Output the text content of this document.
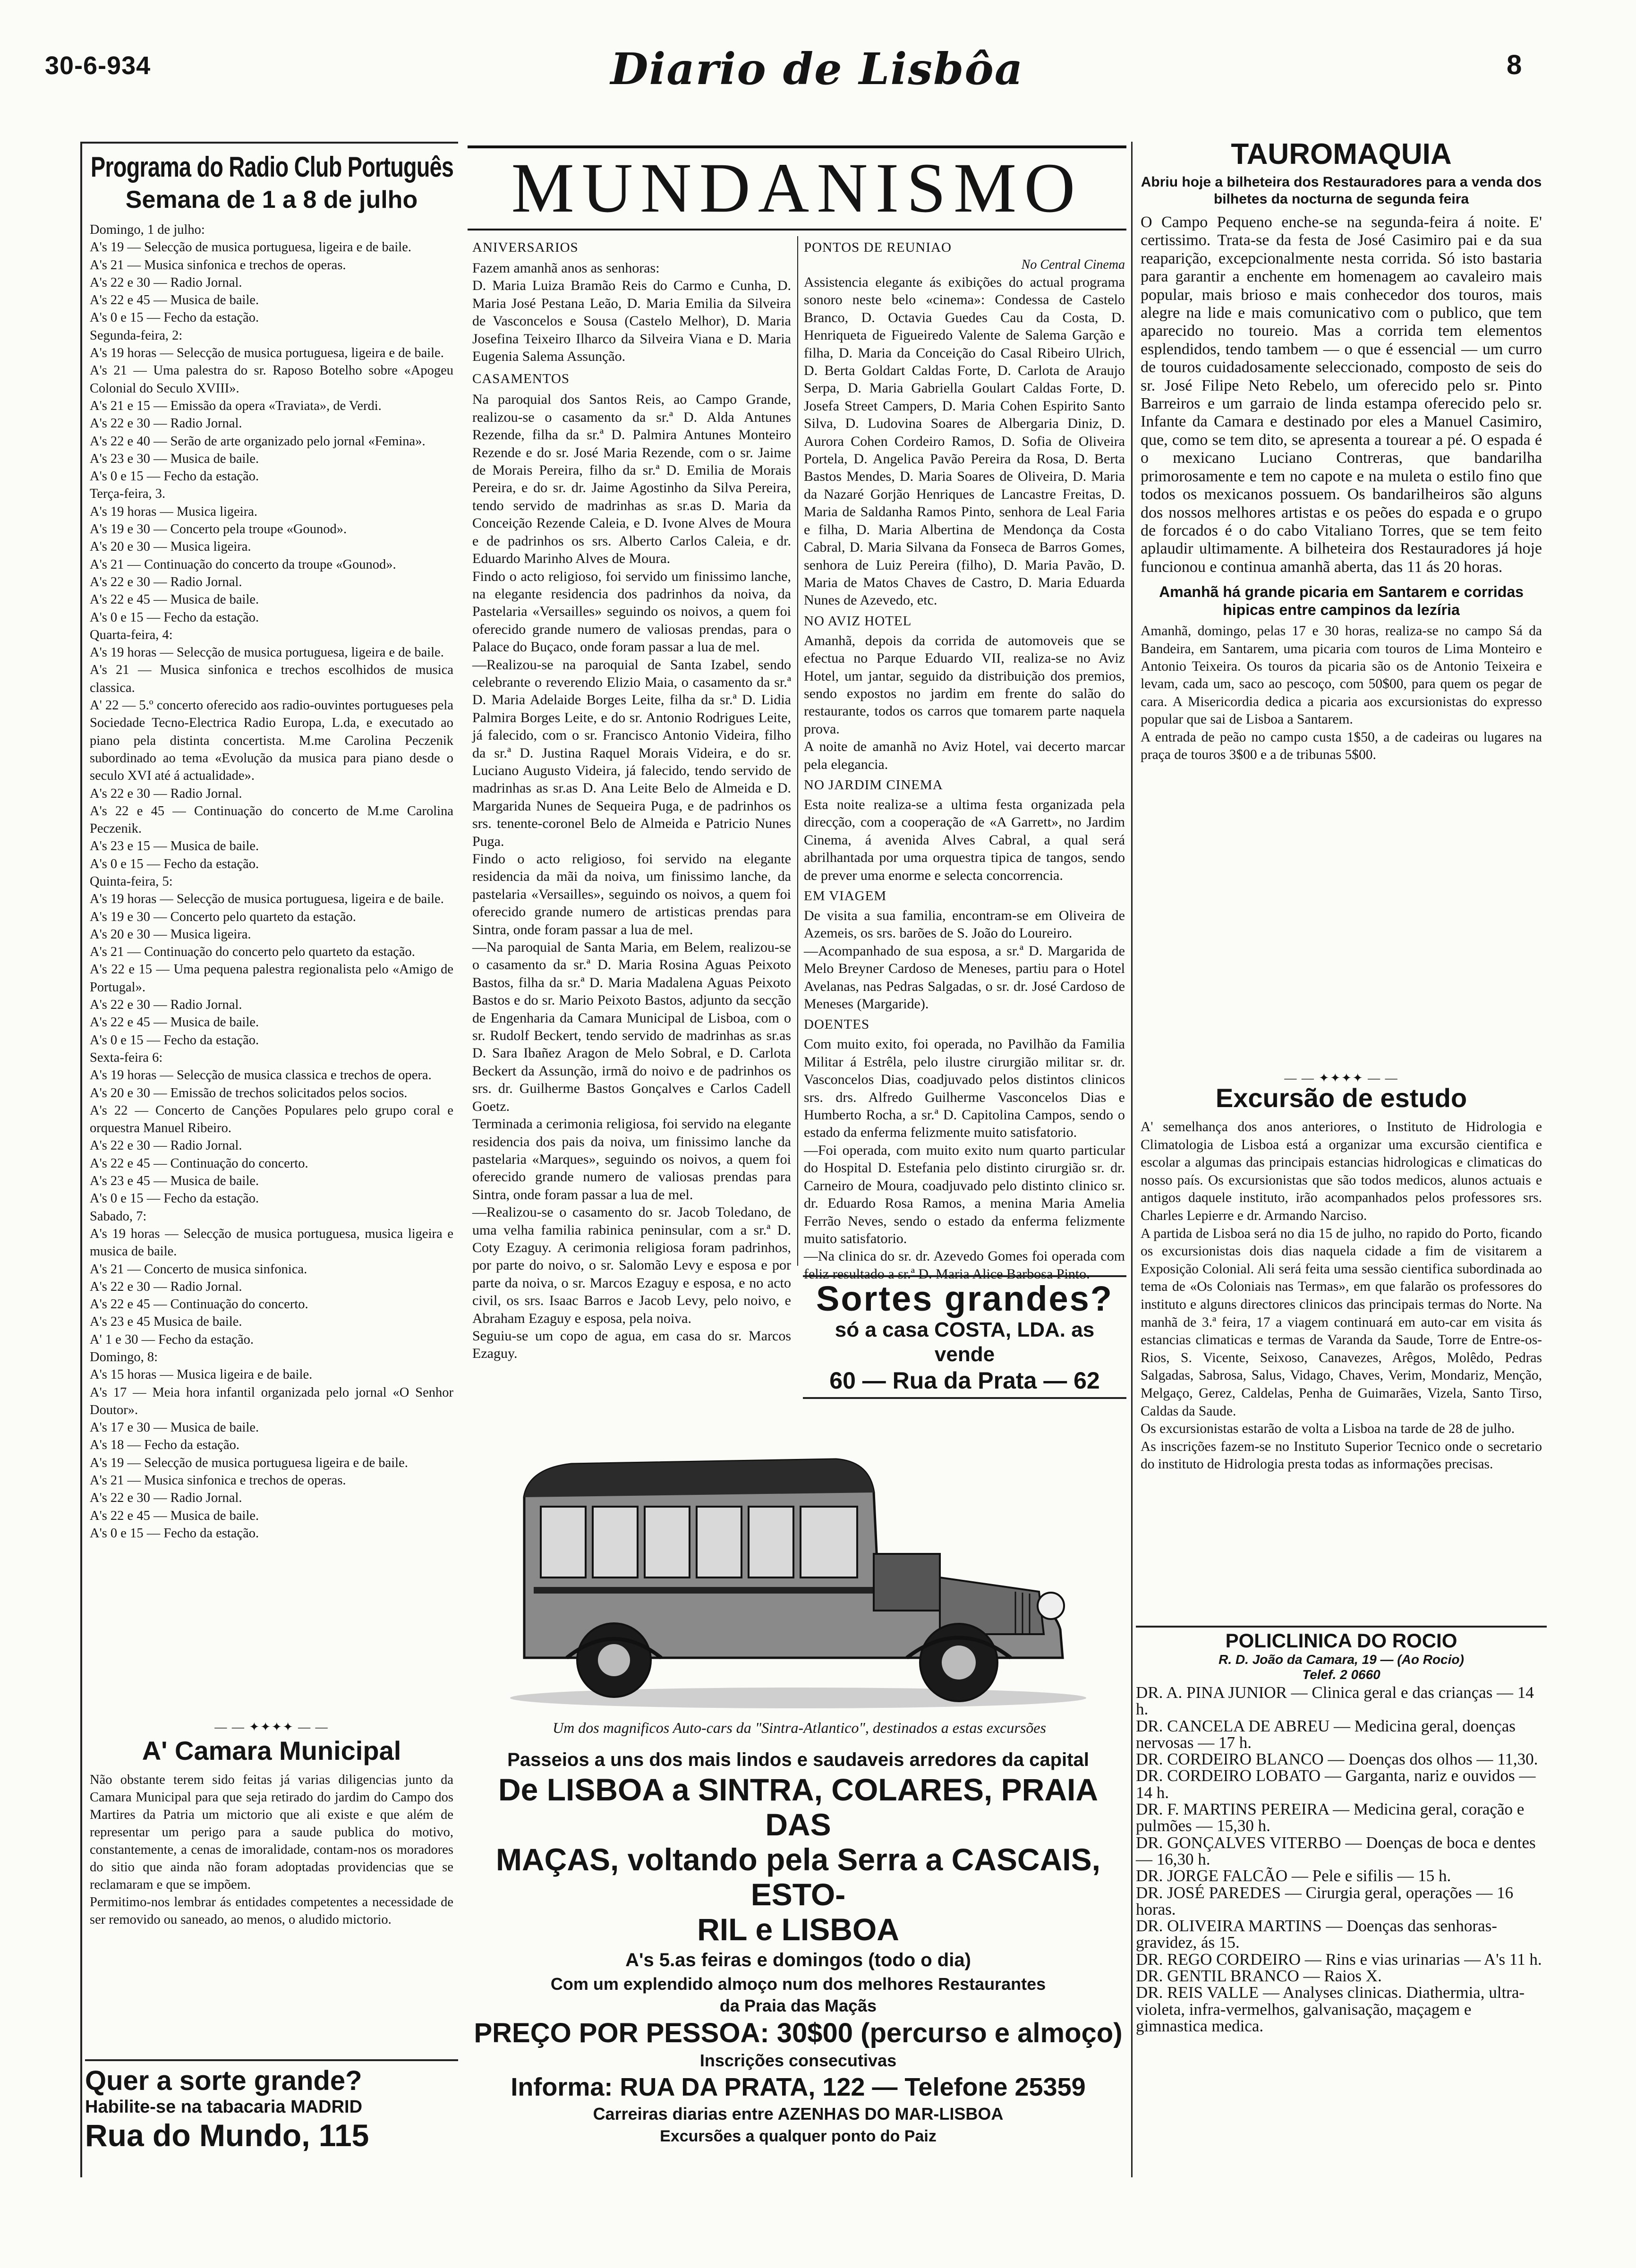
30-6-934	Diario de Lisbôa	8
Programa do Radio Club Português
Semana de 1 a 8 de julho
Domingo, 1 de julho:
A's 19 — Selecção de musica portuguesa, ligeira e de baile.
A's 21 — Musica sinfonica e trechos de operas.
A's 22 e 30 — Radio Jornal.
A's 22 e 45 — Musica de baile.
A's 0 e 15 — Fecho da estação.
Segunda-feira, 2:
A's 19 horas — Selecção de musica portuguesa, ligeira e de baile.
A's 21 — Uma palestra do sr. Raposo Botelho sobre «Apogeu Colonial do Seculo XVIII».
A's 21 e 15 — Emissão da opera «Traviata», de Verdi.
A's 22 e 30 — Radio Jornal.
A's 22 e 40 — Serão de arte organizado pelo jornal «Femina».
A's 23 e 30 — Musica de baile.
A's 0 e 15 — Fecho da estação.
Terça-feira, 3.
A's 19 horas — Musica ligeira.
A's 19 e 30 — Concerto pela troupe «Gounod».
A's 20 e 30 — Musica ligeira.
A's 21 — Continuação do concerto da troupe «Gounod».
A's 22 e 30 — Radio Jornal.
A's 22 e 45 — Musica de baile.
A's 0 e 15 — Fecho da estação.
Quarta-feira, 4:
A's 19 horas — Selecção de musica portuguesa, ligeira e de baile.
A's 21 — Musica sinfonica e trechos escolhidos de musica classica.
A' 22 — 5.º concerto oferecido aos radio-ouvintes portugueses pela Sociedade Tecno-Electrica Radio Europa, L.da, e executado ao piano pela distinta concertista. M.me Carolina Peczenik subordinado ao tema «Evolução da musica para piano desde o seculo XVI até á actualidade».
A's 22 e 30 — Radio Jornal.
A's 22 e 45 — Continuação do concerto de M.me Carolina Peczenik.
A's 23 e 15 — Musica de baile.
A's 0 e 15 — Fecho da estação.
Quinta-feira, 5:
A's 19 horas — Selecção de musica portuguesa, ligeira e de baile.
A's 19 e 30 — Concerto pelo quarteto da estação.
A's 20 e 30 — Musica ligeira.
A's 21 — Continuação do concerto pelo quarteto da estação.
A's 22 e 15 — Uma pequena palestra regionalista pelo «Amigo de Portugal».
A's 22 e 30 — Radio Jornal.
A's 22 e 45 — Musica de baile.
A's 0 e 15 — Fecho da estação.
Sexta-feira 6:
A's 19 horas — Selecção de musica classica e trechos de opera.
A's 20 e 30 — Emissão de trechos solicitados pelos socios.
A's 22 — Concerto de Canções Populares pelo grupo coral e orquestra Manuel Ribeiro.
A's 22 e 30 — Radio Jornal.
A's 22 e 45 — Continuação do concerto.
A's 23 e 45 — Musica de baile.
A's 0 e 15 — Fecho da estação.
Sabado, 7:
A's 19 horas — Selecção de musica portuguesa, musica ligeira e musica de baile.
A's 21 — Concerto de musica sinfonica.
A's 22 e 30 — Radio Jornal.
A's 22 e 45 — Continuação do concerto.
A's 23 e 45 Musica de baile.
A' 1 e 30 — Fecho da estação.
Domingo, 8:
A's 15 horas — Musica ligeira e de baile.
A's 17 — Meia hora infantil organizada pelo jornal «O Senhor Doutor».
A's 17 e 30 — Musica de baile.
A's 18 — Fecho da estação.
A's 19 — Selecção de musica portuguesa ligeira e de baile.
A's 21 — Musica sinfonica e trechos de operas.
A's 22 e 30 — Radio Jornal.
A's 22 e 45 — Musica de baile.
A's 0 e 15 — Fecho da estação.
— — ✦✦✦✦ — —
A' Camara Municipal
Não obstante terem sido feitas já varias diligencias junto da Camara Municipal para que seja retirado do jardim do Campo dos Martires da Patria um mictorio que ali existe e que além de representar um perigo para a saude publica do motivo, constantemente, a cenas de imoralidade, contam-nos os moradores do sitio que ainda não foram adoptadas providencias que se reclamaram e que se impõem.
Permitimo-nos lembrar ás entidades competentes a necessidade de ser removido ou saneado, ao menos, o aludido mictorio.
Quer a sorte grande?
Habilite-se na tabacaria MADRID
Rua do Mundo, 115
MUNDANISMO
ANIVERSARIOS
Fazem amanhã anos as senhoras:
D. Maria Luiza Bramão Reis do Carmo e Cunha, D. Maria José Pestana Leão, D. Maria Emilia da Silveira de Vasconcelos e Sousa (Castelo Melhor), D. Maria Josefina Teixeiro Ilharco da Silveira Viana e D. Maria Eugenia Salema Assunção.
CASAMENTOS
Na paroquial dos Santos Reis, ao Campo Grande, realizou-se o casamento da sr.ª D. Alda Antunes Rezende, filha da sr.ª D. Palmira Antunes Monteiro Rezende e do sr. José Maria Rezende, com o sr. Jaime de Morais Pereira, filho da sr.ª D. Emilia de Morais Pereira, e do sr. dr. Jaime Agostinho da Silva Pereira, tendo servido de madrinhas as sr.as D. Maria da Conceição Rezende Caleia, e D. Ivone Alves de Moura e de padrinhos os srs. Alberto Carlos Caleia, e dr. Eduardo Marinho Alves de Moura.
Findo o acto religioso, foi servido um finissimo lanche, na elegante residencia dos padrinhos da noiva, da Pastelaria «Versailles» seguindo os noivos, a quem foi oferecido grande numero de valiosas prendas, para o Palace do Buçaco, onde foram passar a lua de mel.
—Realizou-se na paroquial de Santa Izabel, sendo celebrante o reverendo Elizio Maia, o casamento da sr.ª D. Maria Adelaide Borges Leite, filha da sr.ª D. Lidia Palmira Borges Leite, e do sr. Antonio Rodrigues Leite, já falecido, com o sr. Francisco Antonio Videira, filho da sr.ª D. Justina Raquel Morais Videira, e do sr. Luciano Augusto Videira, já falecido, tendo servido de madrinhas as sr.as D. Ana Leite Belo de Almeida e D. Margarida Nunes de Sequeira Puga, e de padrinhos os srs. tenente-coronel Belo de Almeida e Patricio Nunes Puga.
Findo o acto religioso, foi servido na elegante residencia da mãi da noiva, um finissimo lanche, da pastelaria «Versailles», seguindo os noivos, a quem foi oferecido grande numero de artisticas prendas para Sintra, onde foram passar a lua de mel.
—Na paroquial de Santa Maria, em Belem, realizou-se o casamento da sr.ª D. Maria Rosina Aguas Peixoto Bastos, filha da sr.ª D. Maria Madalena Aguas Peixoto Bastos e do sr. Mario Peixoto Bastos, adjunto da secção de Engenharia da Camara Municipal de Lisboa, com o sr. Rudolf Beckert, tendo servido de madrinhas as sr.as D. Sara Ibañez Aragon de Melo Sobral, e D. Carlota Beckert da Assunção, irmã do noivo e de padrinhos os srs. dr. Guilherme Bastos Gonçalves e Carlos Cadell Goetz.
Terminada a cerimonia religiosa, foi servido na elegante residencia dos pais da noiva, um finissimo lanche da pastelaria «Marques», seguindo os noivos, a quem foi oferecido grande numero de valiosas prendas para Sintra, onde foram passar a lua de mel.
—Realizou-se o casamento do sr. Jacob Toledano, de uma velha familia rabinica peninsular, com a sr.ª D. Coty Ezaguy. A cerimonia religiosa foram padrinhos, por parte do noivo, o sr. Salomão Levy e esposa e por parte da noiva, o sr. Marcos Ezaguy e esposa, e no acto civil, os srs. Isaac Barros e Jacob Levy, pelo noivo, e Abraham Ezaguy e esposa, pela noiva.
Seguiu-se um copo de agua, em casa do sr. Marcos Ezaguy.
PONTOS DE REUNIAO
No Central Cinema
Assistencia elegante ás exibições do actual programa sonoro neste belo «cinema»: Condessa de Castelo Branco, D. Octavia Guedes Cau da Costa, D. Henriqueta de Figueiredo Valente de Salema Garção e filha, D. Maria da Conceição do Casal Ribeiro Ulrich, D. Berta Goldart Caldas Forte, D. Carlota de Araujo Serpa, D. Maria Gabriella Goulart Caldas Forte, D. Josefa Street Campers, D. Maria Cohen Espirito Santo Silva, D. Ludovina Soares de Albergaria Diniz, D. Aurora Cohen Cordeiro Ramos, D. Sofia de Oliveira Portela, D. Angelica Pavão Pereira da Rosa, D. Berta Bastos Mendes, D. Maria Soares de Oliveira, D. Maria da Nazaré Gorjão Henriques de Lancastre Freitas, D. Maria de Saldanha Ramos Pinto, senhora de Leal Faria e filha, D. Maria Albertina de Mendonça da Costa Cabral, D. Maria Silvana da Fonseca de Barros Gomes, senhora de Luiz Pereira (filho), D. Maria Pavão, D. Maria de Matos Chaves de Castro, D. Maria Eduarda Nunes de Azevedo, etc.
NO AVIZ HOTEL
Amanhã, depois da corrida de automoveis que se efectua no Parque Eduardo VII, realiza-se no Aviz Hotel, um jantar, seguido da distribuição dos premios, sendo expostos no jardim em frente do salão do restaurante, todos os carros que tomarem parte naquela prova.
A noite de amanhã no Aviz Hotel, vai decerto marcar pela elegancia.
NO JARDIM CINEMA
Esta noite realiza-se a ultima festa organizada pela direcção, com a cooperação de «A Garrett», no Jardim Cinema, á avenida Alves Cabral, a qual será abrilhantada por uma orquestra tipica de tangos, sendo de prever uma enorme e selecta concorrencia.
EM VIAGEM
De visita a sua familia, encontram-se em Oliveira de Azemeis, os srs. barões de S. João do Loureiro.
—Acompanhado de sua esposa, a sr.ª D. Margarida de Melo Breyner Cardoso de Meneses, partiu para o Hotel Avelanas, nas Pedras Salgadas, o sr. dr. José Cardoso de Meneses (Margaride).
DOENTES
Com muito exito, foi operada, no Pavilhão da Familia Militar á Estrêla, pelo ilustre cirurgião militar sr. dr. Vasconcelos Dias, coadjuvado pelos distintos clinicos srs. drs. Alfredo Guilherme Vasconcelos Dias e Humberto Rocha, a sr.ª D. Capitolina Campos, sendo o estado da enferma felizmente muito satisfatorio.
—Foi operada, com muito exito num quarto particular do Hospital D. Estefania pelo distinto cirurgião sr. dr. Carneiro de Moura, coadjuvado pelo distinto clinico sr. dr. Eduardo Rosa Ramos, a menina Maria Amelia Ferrão Neves, sendo o estado da enferma felizmente muito satisfatorio.
—Na clinica do sr. dr. Azevedo Gomes foi operada com feliz resultado a sr.ª D. Maria Alice Barbosa Pinto.
Sortes grandes?
só a casa COSTA, LDA. as vende
60 — Rua da Prata — 62
Um dos magnificos Auto-cars da "Sintra-Atlantico", destinados a estas excursões
Passeios a uns dos mais lindos e saudaveis arredores da capital
De LISBOA a SINTRA, COLARES, PRAIA DAS
MAÇAS, voltando pela Serra a CASCAIS, ESTO-
RIL e LISBOA
A's 5.as feiras e domingos (todo o dia)
Com um explendido almoço num dos melhores Restaurantes
da Praia das Maçãs
PREÇO POR PESSOA: 30$00 (percurso e almoço)
Inscrições consecutivas
Informa: RUA DA PRATA, 122 — Telefone 25359
Carreiras diarias entre AZENHAS DO MAR-LISBOA
Excursões a qualquer ponto do Paiz
TAUROMAQUIA
Abriu hoje a bilheteira dos Restauradores para a venda dos bilhetes da nocturna de segunda feira
O Campo Pequeno enche-se na segunda-feira á noite. E' certissimo. Trata-se da festa de José Casimiro pai e da sua reaparição, excepcionalmente nesta corrida. Só isto bastaria para garantir a enchente em homenagem ao cavaleiro mais popular, mais brioso e mais conhecedor dos touros, mais alegre na lide e mais comunicativo com o publico, que tem aparecido no toureio. Mas a corrida tem elementos esplendidos, tendo tambem — o que é essencial — um curro de touros cuidadosamente seleccionado, composto de seis do sr. José Filipe Neto Rebelo, um oferecido pelo sr. Pinto Barreiros e um garraio de linda estampa oferecido pelo sr. Infante da Camara e destinado por eles a Manuel Casimiro, que, como se tem dito, se apresenta a tourear a pé. O espada é o mexicano Luciano Contreras, que bandarilha primorosamente e tem no capote e na muleta o estilo fino que todos os mexicanos possuem. Os bandarilheiros são alguns dos nossos melhores artistas e os peões do espada e o grupo de forcados é o do cabo Vitaliano Torres, que se tem feito aplaudir ultimamente. A bilheteira dos Restauradores já hoje funcionou e continua amanhã aberta, das 11 ás 20 horas.
Amanhã há grande picaria em Santarem e corridas hipicas entre campinos da lezíria
Amanhã, domingo, pelas 17 e 30 horas, realiza-se no campo Sá da Bandeira, em Santarem, uma picaria com touros de Lima Monteiro e Antonio Teixeira. Os touros da picaria são os de Antonio Teixeira e levam, cada um, saco ao pescoço, com 50$00, para quem os pegar de cara. A Misericordia dedica a picaria aos excursionistas do expresso popular que sai de Lisboa a Santarem.
A entrada de peão no campo custa 1$50, a de cadeiras ou lugares na praça de touros 3$00 e a de tribunas 5$00.
— — ✦✦✦✦ — —
Excursão de estudo
A' semelhança dos anos anteriores, o Instituto de Hidrologia e Climatologia de Lisboa está a organizar uma excursão cientifica e escolar a algumas das principais estancias hidrologicas e climaticas do nosso país. Os excursionistas que são todos medicos, alunos actuais e antigos daquele instituto, irão acompanhados pelos professores srs. Charles Lepierre e dr. Armando Narciso.
A partida de Lisboa será no dia 15 de julho, no rapido do Porto, ficando os excursionistas dois dias naquela cidade a fim de visitarem a Exposição Colonial. Ali será feita uma sessão cientifica subordinada ao tema de «Os Coloniais nas Termas», em que falarão os professores do instituto e alguns directores clinicos das principais termas do Norte. Na manhã de 3.ª feira, 17 a viagem continuará em auto-car em visita ás estancias climaticas e termas de Varanda da Saude, Torre de Entre-os-Rios, S. Vicente, Seixoso, Canavezes, Arêgos, Molêdo, Pedras Salgadas, Sabrosa, Salus, Vidago, Chaves, Verim, Mondariz, Menção, Melgaço, Gerez, Caldelas, Penha de Guimarães, Vizela, Santo Tirso, Caldas da Saude.
Os excursionistas estarão de volta a Lisboa na tarde de 28 de julho.
As inscrições fazem-se no Instituto Superior Tecnico onde o secretario do instituto de Hidrologia presta todas as informações precisas.
POLICLINICA DO ROCIO
R. D. João da Camara, 19 — (Ao Rocio)
Telef. 2 0660
DR. A. PINA JUNIOR — Clinica geral e das crianças — 14 h.
DR. CANCELA DE ABREU — Medicina geral, doenças nervosas — 17 h.
DR. CORDEIRO BLANCO — Doenças dos olhos — 11,30.
DR. CORDEIRO LOBATO — Garganta, nariz e ouvidos — 14 h.
DR. F. MARTINS PEREIRA — Medicina geral, coração e pulmões — 15,30 h.
DR. GONÇALVES VITERBO — Doenças de boca e dentes — 16,30 h.
DR. JORGE FALCÃO — Pele e sifilis — 15 h.
DR. JOSÉ PAREDES — Cirurgia geral, operações — 16 horas.
DR. OLIVEIRA MARTINS — Doenças das senhoras-gravidez, ás 15.
DR. REGO CORDEIRO — Rins e vias urinarias — A's 11 h.
DR. GENTIL BRANCO — Raios X.
DR. REIS VALLE — Analyses clinicas. Diathermia, ultra-violeta, infra-vermelhos, galvanisação, maçagem e gimnastica medica.
